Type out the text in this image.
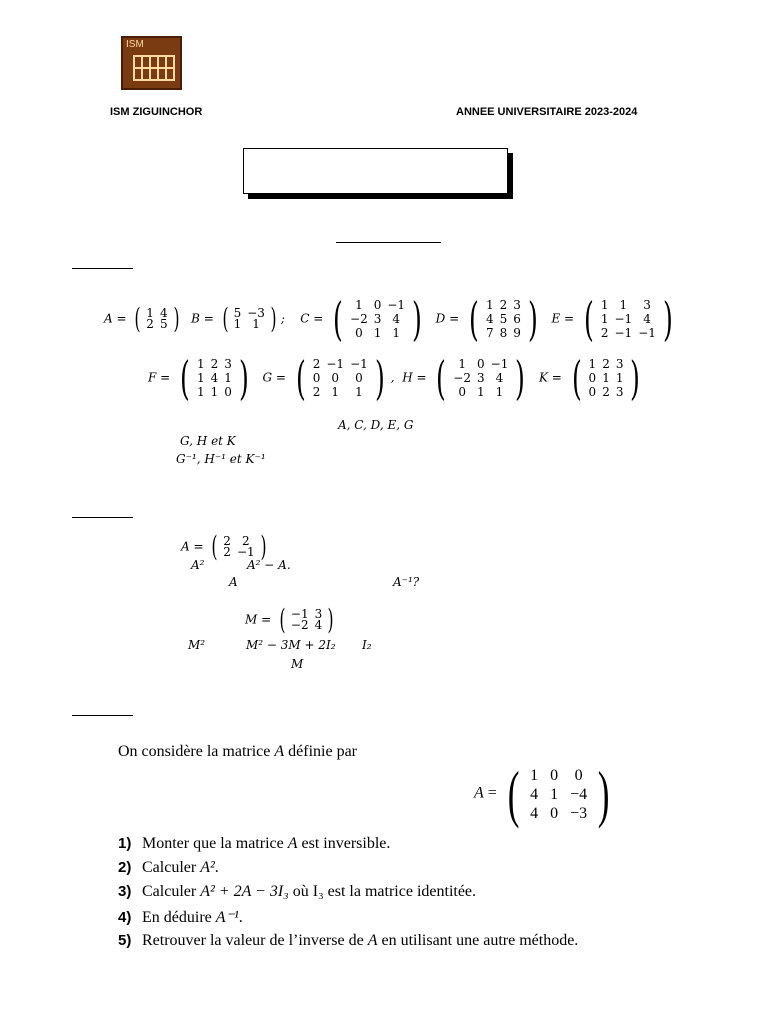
ISM
ISM ZIGUINCHOR	ANNEE UNIVERSITAIRE 2023-2024
A = ( 1 4
2 5 ) B = ( 5 −3
1 1 ) ; C = (	1 0 −1
−2 3 4
0 1 1 ) D = ( 1 2 3
4 5 6
7 8 9 ) E = ( 1 1	3
1 −1 4
2 −1 −1 )
F = ( 1 2 3
1 4 1
1 1 0 ) G = ( 2 −1 −1
0 0	0
2 1	1 ) , H = (	1 0 −1
−2 3 4
0 1 1 ) K = ( 1 2 3
0 1 1
0 2 3 )
A, C, D, E, G
G, H et K
G⁻¹, H⁻¹ et K⁻¹
A = ( 2 2
2 −1 )
A²	A² − A.
A	A⁻¹?
M = ( −1 3
−2 4 )
M²	M² − 3M + 2I₂ I₂
M
On considère la matrice A définie par
A = ( 1 0	0
4 1 −4
4 0 −3 )
1) Monter que la matrice A est inversible.
2) Calculer A².
3) Calculer A² + 2A − 3I₃ où I₃ est la matrice identitée.
4) En déduire A⁻¹.
5) Retrouver la valeur de l’inverse de A en utilisant une autre méthode.
